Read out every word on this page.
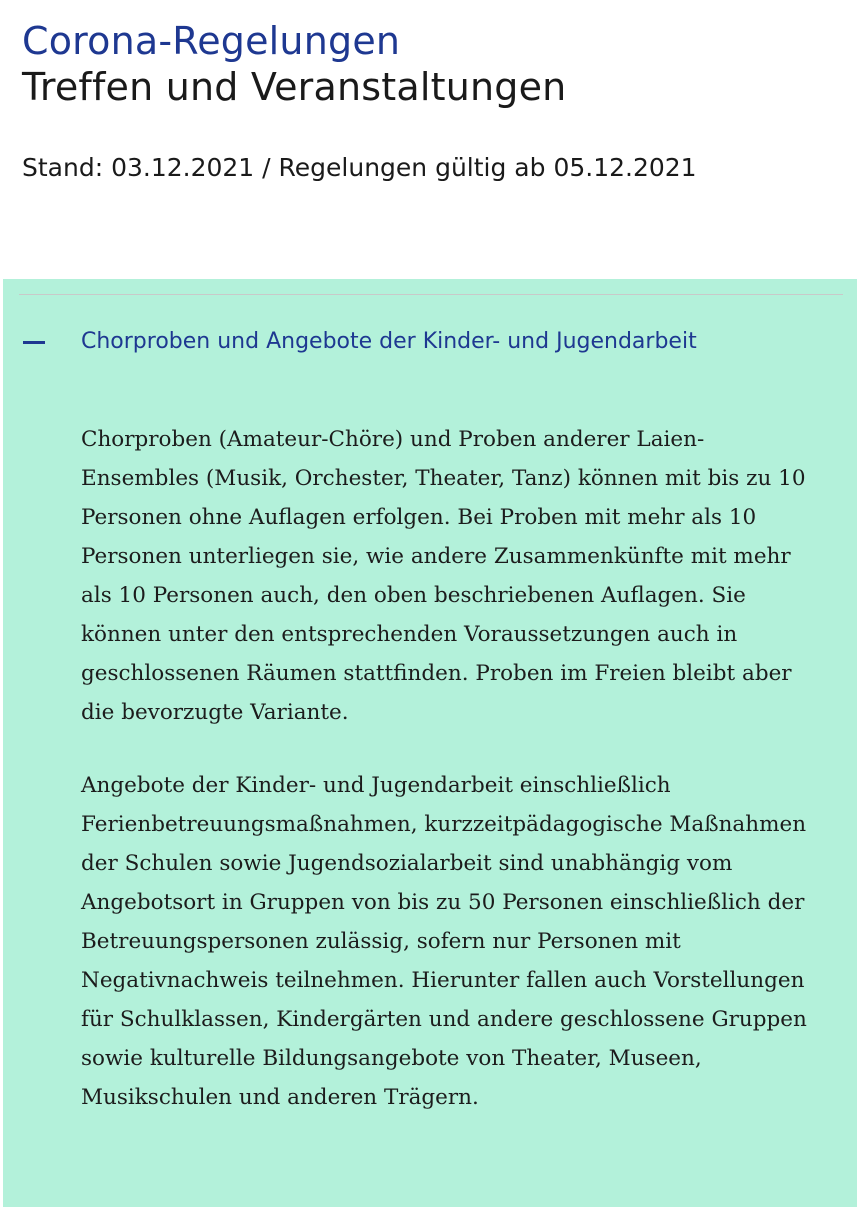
Corona-Regelungen
Treffen und Veranstaltungen
Stand: 03.12.2021 / Regelungen gültig ab 05.12.2021
Chorproben und Angebote der Kinder- und Jugendarbeit

Chorproben (Amateur-Chöre) und Proben anderer Laien-Ensembles (Musik, Orchester, Theater, Tanz) können mit bis zu 10 Personen ohne Auflagen erfolgen. Bei Proben mit mehr als 10 Personen unterliegen sie, wie andere Zusammenkünfte mit mehr als 10 Personen auch, den oben beschriebenen Auflagen. Sie können unter den entsprechenden Voraussetzungen auch in geschlossenen Räumen stattfinden. Proben im Freien bleibt aber die bevorzugte Variante.

Angebote der Kinder- und Jugendarbeit einschließlich Ferienbetreuungsmaßnahmen, kurzzeitpädagogische Maßnahmen der Schulen sowie Jugendsozialarbeit sind unabhängig vom Angebotsort in Gruppen von bis zu 50 Personen einschließlich der Betreuungspersonen zulässig, sofern nur Personen mit Negativnachweis teilnehmen. Hierunter fallen auch Vorstellungen für Schulklassen, Kindergärten und andere geschlossene Gruppen sowie kulturelle Bildungsangebote von Theater, Museen, Musikschulen und anderen Trägern.
